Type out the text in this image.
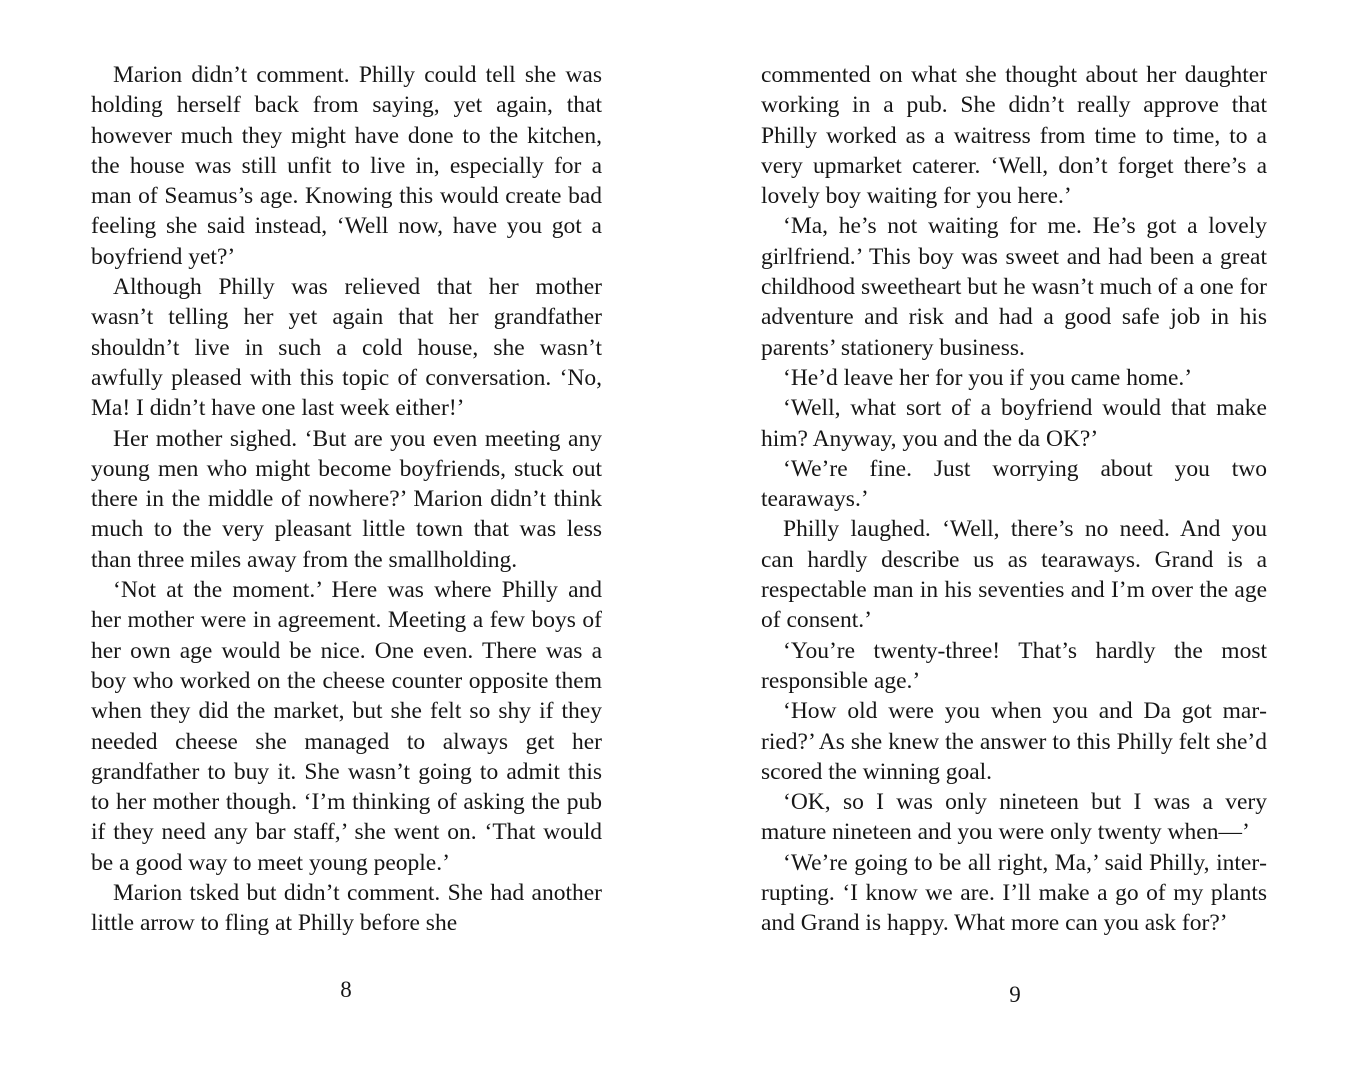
Marion didn’t comment. Philly could tell she was holding herself back from saying, yet again, that however much they might have done to the kitchen, the house was still unfit to live in, especially for a man of Seamus’s age. Knowing this would create bad feeling she said instead, ‘Well now, have you got a boyfriend yet?’

Although Philly was relieved that her mother wasn’t telling her yet again that her grandfather shouldn’t live in such a cold house, she wasn’t awfully pleased with this topic of conversation. ‘No, Ma! I didn’t have one last week either!’

Her mother sighed. ‘But are you even meeting any young men who might become boyfriends, stuck out there in the middle of nowhere?’ Marion didn’t think much to the very pleasant little town that was less than three miles away from the smallholding.

‘Not at the moment.’ Here was where Philly and her mother were in agreement. Meeting a few boys of her own age would be nice. One even. There was a boy who worked on the cheese counter opposite them when they did the market, but she felt so shy if they needed cheese she managed to always get her grandfather to buy it. She wasn’t going to admit this to her mother though. ‘I’m thinking of asking the pub if they need any bar staff,’ she went on. ‘That would be a good way to meet young people.’

Marion tsked but didn’t comment. She had another little arrow to fling at Philly before she

8

commented on what she thought about her daughter working in a pub. She didn’t really approve that Philly worked as a waitress from time to time, to a very upmarket caterer. ‘Well, don’t forget there’s a lovely boy waiting for you here.’

‘Ma, he’s not waiting for me. He’s got a lovely girlfriend.’ This boy was sweet and had been a great childhood sweetheart but he wasn’t much of a one for adventure and risk and had a good safe job in his parents’ stationery business.

‘He’d leave her for you if you came home.’

‘Well, what sort of a boyfriend would that make him? Anyway, you and the da OK?’

‘We’re fine. Just worrying about you two tearaways.’

Philly laughed. ‘Well, there’s no need. And you can hardly describe us as tearaways. Grand is a respectable man in his seventies and I’m over the age of consent.’

‘You’re twenty-three! That’s hardly the most responsible age.’

‘How old were you when you and Da got married?’ As she knew the answer to this Philly felt she’d scored the winning goal.

‘OK, so I was only nineteen but I was a very mature nineteen and you were only twenty when—’

‘We’re going to be all right, Ma,’ said Philly, interrupting. ‘I know we are. I’ll make a go of my plants and Grand is happy. What more can you ask for?’

9
